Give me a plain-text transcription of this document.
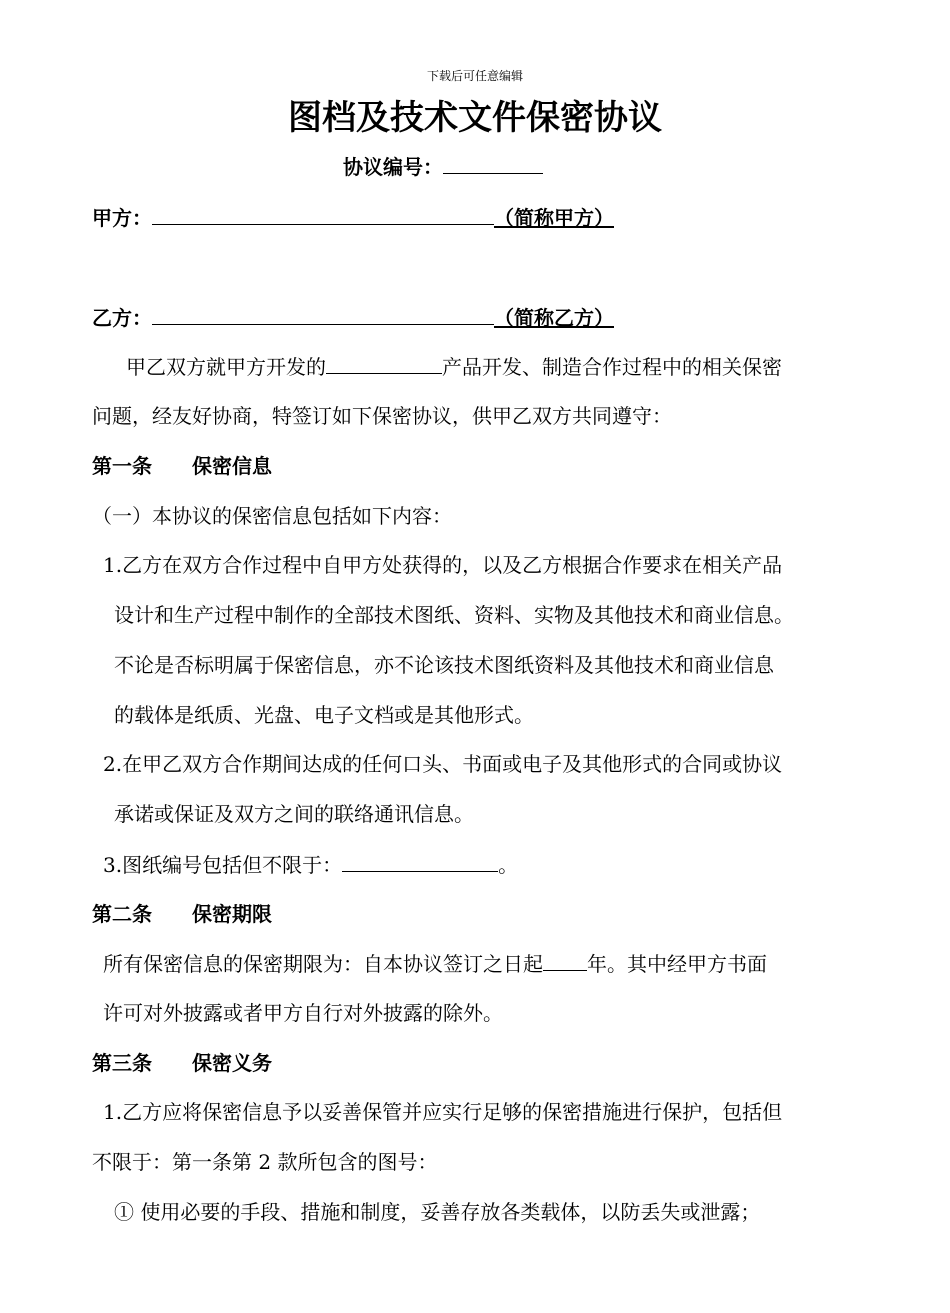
下载后可任意编辑
图档及技术文件保密协议
协议编号：
甲方：	（简称甲方）
乙方：	（简称乙方）
甲乙双方就甲方开发的	产品开发、制造合作过程中的相关保密
问题，经友好协商，特签订如下保密协议，供甲乙双方共同遵守：
第一条 保密信息
（一）本协议的保密信息包括如下内容：
1.乙方在双方合作过程中自甲方处获得的，以及乙方根据合作要求在相关产品
设计和生产过程中制作的全部技术图纸、资料、实物及其他技术和商业信息。
不论是否标明属于保密信息，亦不论该技术图纸资料及其他技术和商业信息
的载体是纸质、光盘、电子文档或是其他形式。
2.在甲乙双方合作期间达成的任何口头、书面或电子及其他形式的合同或协议
承诺或保证及双方之间的联络通讯信息。
3.图纸编号包括但不限于：	。
第二条 保密期限
所有保密信息的保密期限为：自本协议签订之日起 年。其中经甲方书面
许可对外披露或者甲方自行对外披露的除外。
第三条 保密义务
1.乙方应将保密信息予以妥善保管并应实行足够的保密措施进行保护，包括但
不限于：第一条第 2 款所包含的图号：
① 使用必要的手段、措施和制度，妥善存放各类载体，以防丢失或泄露；
